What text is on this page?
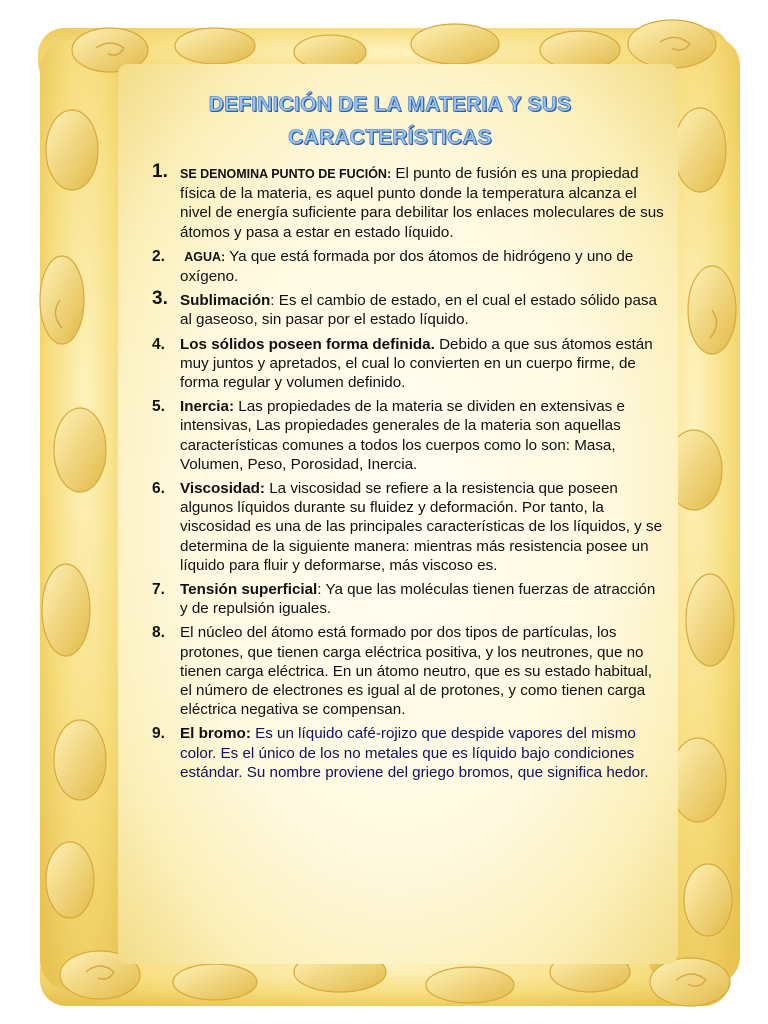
DEFINICIÓN DE LA MATERIA Y SUS
CARACTERÍSTICAS
1. SE DENOMINA PUNTO DE FUCIÓN: El punto de fusión es una propiedad física de la materia, es aquel punto donde la temperatura alcanza el nivel de energía suficiente para debilitar los enlaces moleculares de sus átomos y pasa a estar en estado líquido.
2. AGUA: Ya que está formada por dos átomos de hidrógeno y uno de oxígeno.
3. Sublimación: Es el cambio de estado, en el cual el estado sólido pasa al gaseoso, sin pasar por el estado líquido.
4. Los sólidos poseen forma definida. Debido a que sus átomos están muy juntos y apretados, el cual lo convierten en un cuerpo firme, de forma regular y volumen definido.
5. Inercia: Las propiedades de la materia se dividen en extensivas e intensivas, Las propiedades generales de la materia son aquellas características comunes a todos los cuerpos como lo son: Masa, Volumen, Peso, Porosidad, Inercia.
6. Viscosidad: La viscosidad se refiere a la resistencia que poseen algunos líquidos durante su fluidez y deformación. Por tanto, la viscosidad es una de las principales características de los líquidos, y se determina de la siguiente manera: mientras más resistencia posee un líquido para fluir y deformarse, más viscoso es.
7. Tensión superficial: Ya que las moléculas tienen fuerzas de atracción y de repulsión iguales.
8. El núcleo del átomo está formado por dos tipos de partículas, los protones, que tienen carga eléctrica positiva, y los neutrones, que no tienen carga eléctrica. En un átomo neutro, que es su estado habitual, el número de electrones es igual al de protones, y como tienen carga eléctrica negativa se compensan.
9. El bromo: Es un líquido café-rojizo que despide vapores del mismo color. Es el único de los no metales que es líquido bajo condiciones estándar. Su nombre proviene del griego bromos, que significa hedor.
